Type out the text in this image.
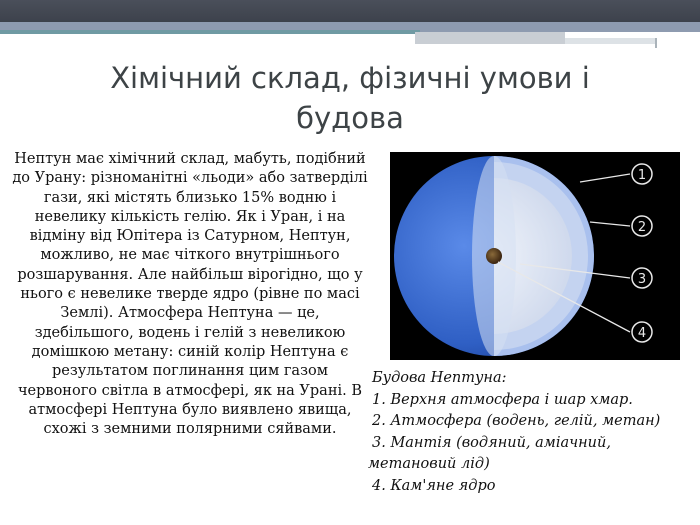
Хімічний склад, фізичні умови і будова

Нептун має хімічний склад, мабуть, подібний до Урану: різноманітні «льоди» або затверділі гази, які містять близько 15% водню і невелику кількість гелію. Як і Уран, і на відміну від Юпітера із Сатурном, Нептун, можливо, не має чіткого внутрішнього розшарування. Але найбільш вірогідно, що у нього є невелике тверде ядро (рівне по масі Землі). Атмосфера Нептуна — це, здебільшого, водень і гелій з невеликою домішкою метану: синій колір Нептуна є результатом поглинання цим газом червоного світла в атмосфері, як на Урані. В атмосфері Нептуна було виявлено явища, схожі з земними полярними сяйвами.

1
2
3
4
Будова Нептуна:
1. Верхня атмосфера і шар хмар.
2. Атмосфера (водень, гелій, метан)
3. Мантія (водяний, аміачний,
метановий лід)
4. Кам'яне ядро
